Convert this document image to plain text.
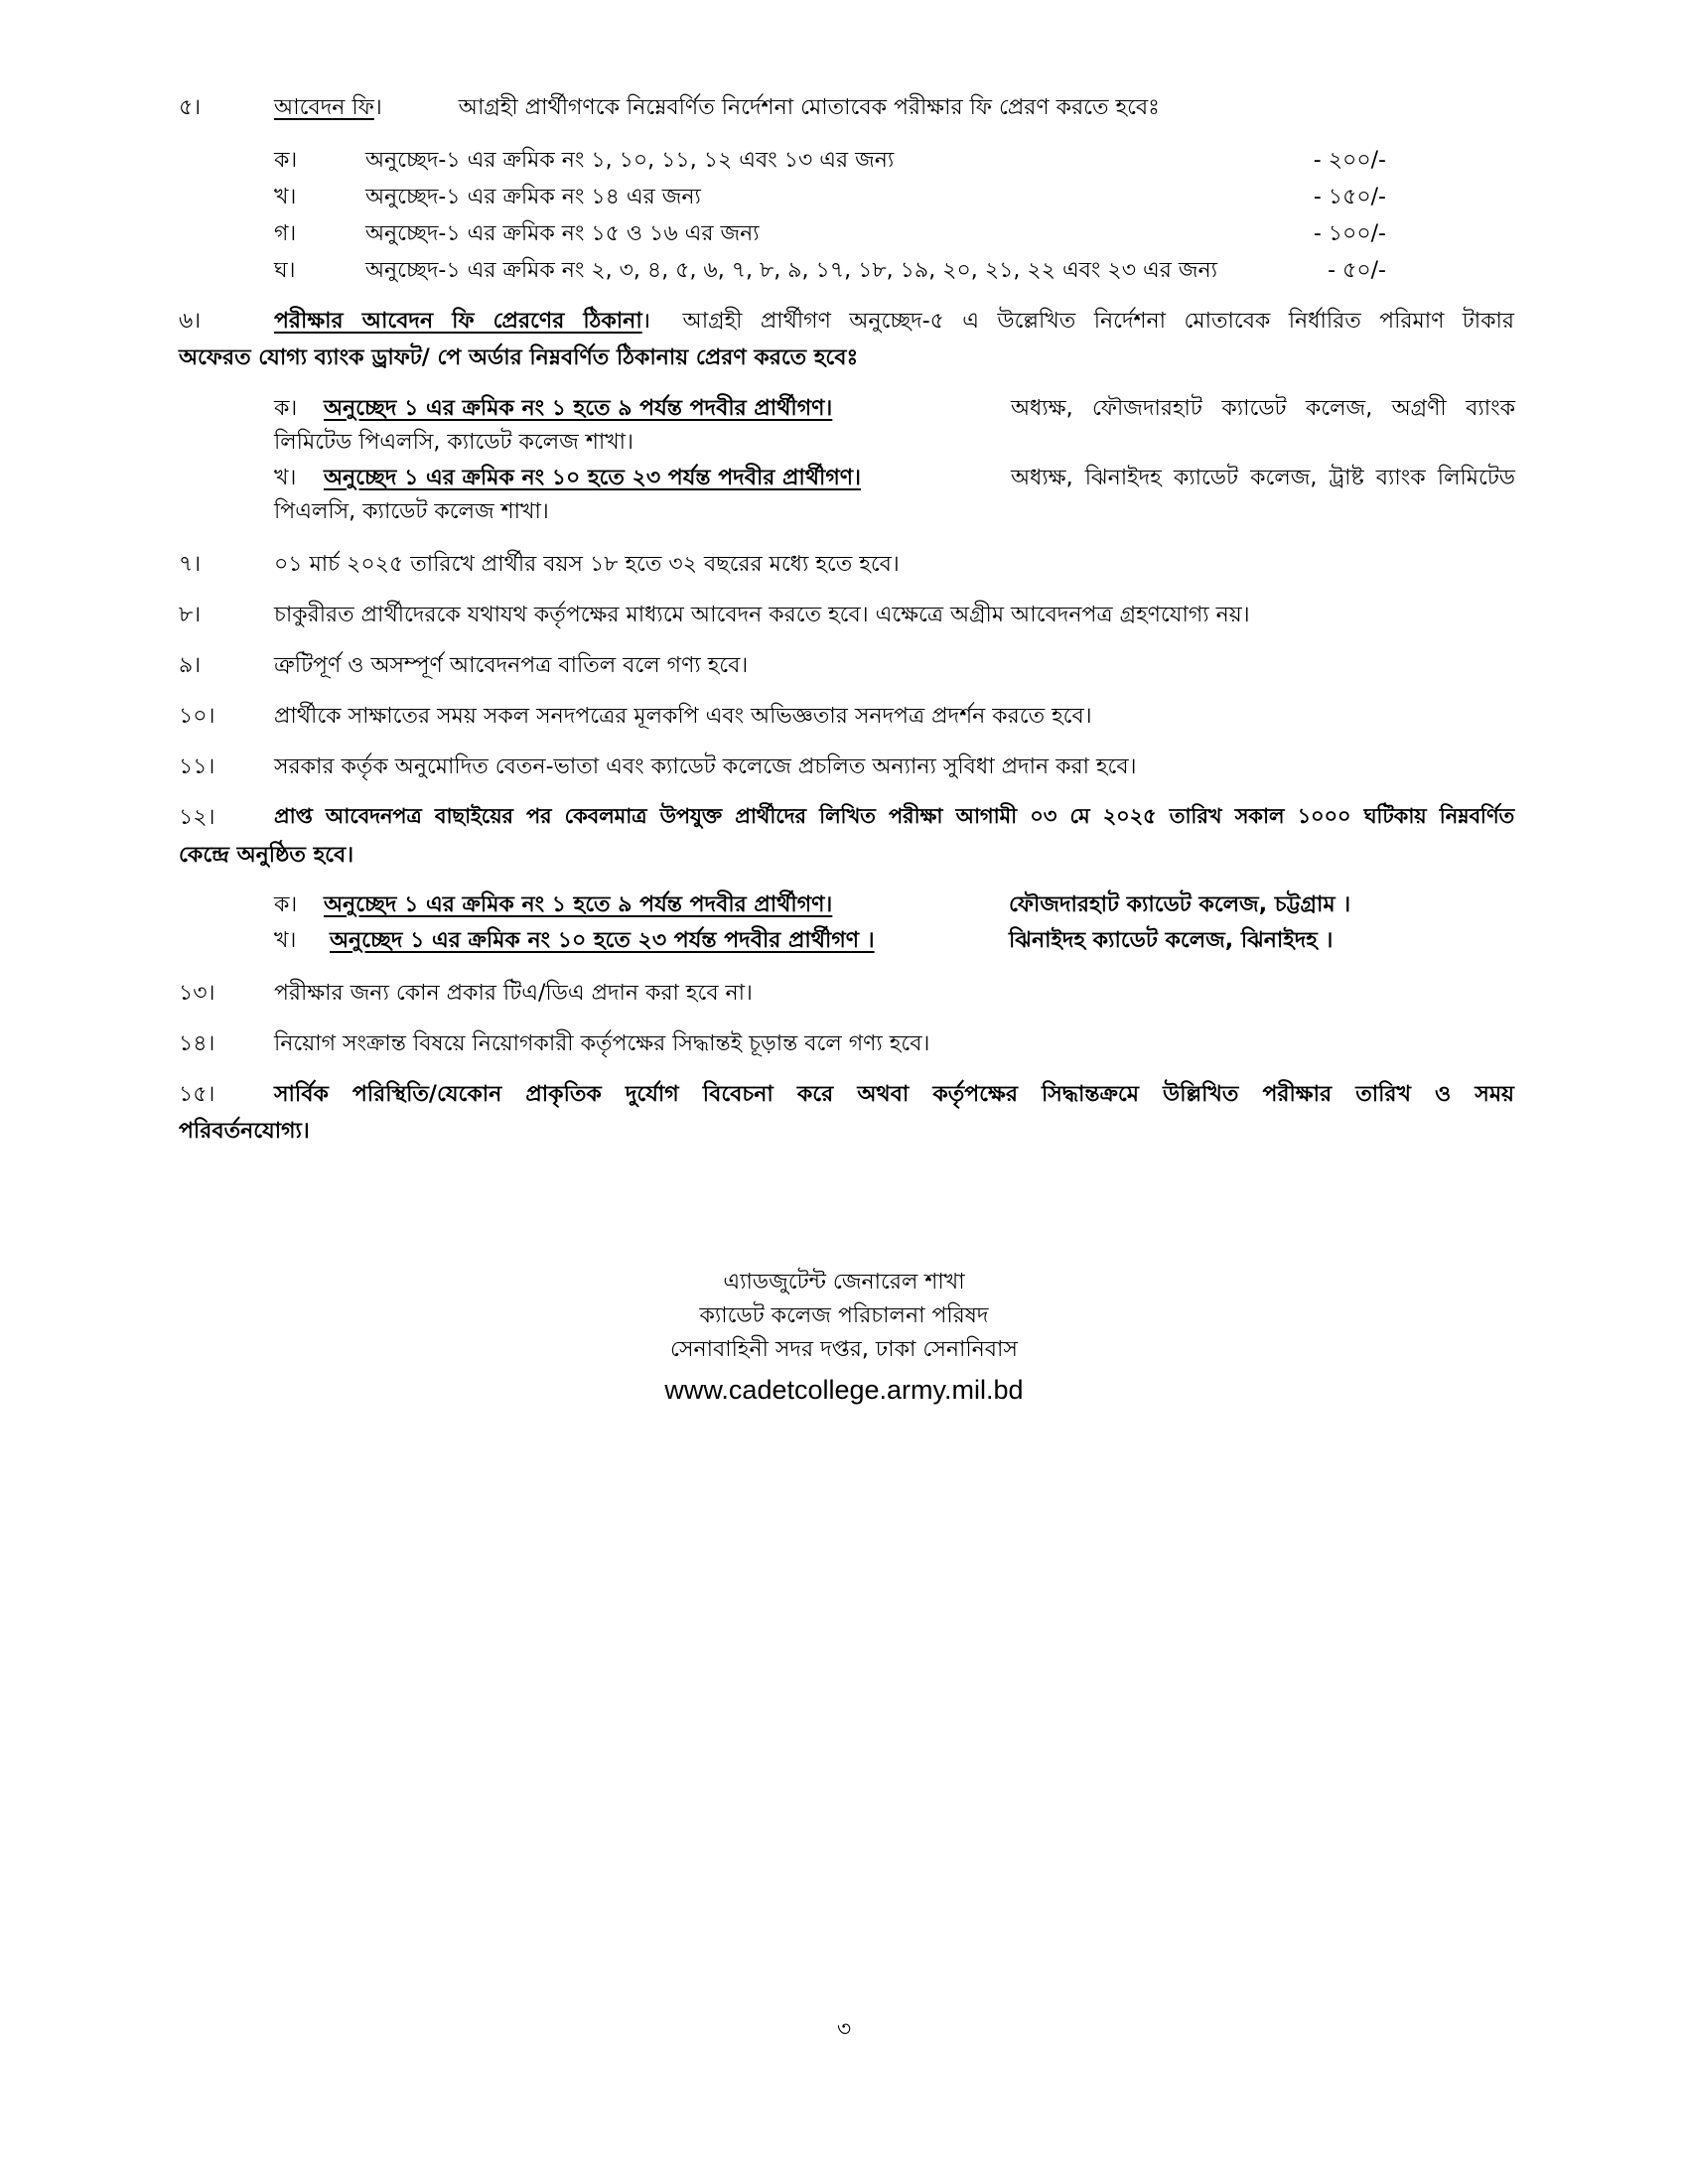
৫।	আবেদন ফি।	আগ্রহী প্রার্থীগণকে নিম্নেবর্ণিত নির্দেশনা মোতাবেক পরীক্ষার ফি প্রেরণ করতে হবেঃ
ক।	অনুচ্ছেদ-১ এর ক্রমিক নং ১, ১০, ১১, ১২ এবং ১৩ এর জন্য	- ২০০/-
খ।	অনুচ্ছেদ-১ এর ক্রমিক নং ১৪ এর জন্য	- ১৫০/-
গ।	অনুচ্ছেদ-১ এর ক্রমিক নং ১৫ ও ১৬ এর জন্য	- ১০০/-
ঘ।	অনুচ্ছেদ-১ এর ক্রমিক নং ২, ৩, ৪, ৫, ৬, ৭, ৮, ৯, ১৭, ১৮, ১৯, ২০, ২১, ২২ এবং ২৩ এর জন্য	- ৫০/-
৬।	পরীক্ষার আবেদন ফি প্রেরণের ঠিকানা। আগ্রহী প্রার্থীগণ অনুচ্ছেদ-৫ এ উল্লেখিত নির্দেশনা মোতাবেক নির্ধারিত পরিমাণ টাকার
অফেরত যোগ্য ব্যাংক ড্রাফট/ পে অর্ডার নিম্নবর্ণিত ঠিকানায় প্রেরণ করতে হবেঃ
ক। অনুচ্ছেদ ১ এর ক্রমিক নং ১ হতে ৯ পর্যন্ত পদবীর প্রার্থীগণ।	অধ্যক্ষ, ফৌজদারহাট ক্যাডেট কলেজ, অগ্রণী ব্যাংক
লিমিটেড পিএলসি, ক্যাডেট কলেজ শাখা।
খ। অনুচ্ছেদ ১ এর ক্রমিক নং ১০ হতে ২৩ পর্যন্ত পদবীর প্রার্থীগণ।	অধ্যক্ষ, ঝিনাইদহ ক্যাডেট কলেজ, ট্রাষ্ট ব্যাংক লিমিটেড
পিএলসি, ক্যাডেট কলেজ শাখা।
৭।	০১ মার্চ ২০২৫ তারিখে প্রার্থীর বয়স ১৮ হতে ৩২ বছরের মধ্যে হতে হবে।
৮।	চাকুরীরত প্রার্থীদেরকে যথাযথ কর্তৃপক্ষের মাধ্যমে আবেদন করতে হবে। এক্ষেত্রে অগ্রীম আবেদনপত্র গ্রহণযোগ্য নয়।
৯।	ত্রুটিপূর্ণ ও অসম্পূর্ণ আবেদনপত্র বাতিল বলে গণ্য হবে।
১০।	প্রার্থীকে সাক্ষাতের সময় সকল সনদপত্রের মূলকপি এবং অভিজ্ঞতার সনদপত্র প্রদর্শন করতে হবে।
১১।	সরকার কর্তৃক অনুমোদিত বেতন-ভাতা এবং ক্যাডেট কলেজে প্রচলিত অন্যান্য সুবিধা প্রদান করা হবে।
১২।	প্রাপ্ত আবেদনপত্র বাছাইয়ের পর কেবলমাত্র উপযুক্ত প্রার্থীদের লিখিত পরীক্ষা আগামী ০৩ মে ২০২৫ তারিখ সকাল ১০০০ ঘটিকায় নিম্নবর্ণিত
কেন্দ্রে অনুষ্ঠিত হবে।
ক। অনুচ্ছেদ ১ এর ক্রমিক নং ১ হতে ৯ পর্যন্ত পদবীর প্রার্থীগণ।	ফৌজদারহাট ক্যাডেট কলেজ, চট্টগ্রাম ।
খ। অনুচ্ছেদ ১ এর ক্রমিক নং ১০ হতে ২৩ পর্যন্ত পদবীর প্রার্থীগণ ।	ঝিনাইদহ ক্যাডেট কলেজ, ঝিনাইদহ ।
১৩।	পরীক্ষার জন্য কোন প্রকার টিএ/ডিএ প্রদান করা হবে না।
১৪।	নিয়োগ সংক্রান্ত বিষয়ে নিয়োগকারী কর্তৃপক্ষের সিদ্ধান্তই চূড়ান্ত বলে গণ্য হবে।
১৫।	সার্বিক পরিস্থিতি/যেকোন প্রাকৃতিক দুর্যোগ বিবেচনা করে অথবা কর্তৃপক্ষের সিদ্ধান্তক্রমে উল্লিখিত পরীক্ষার তারিখ ও সময়
পরিবর্তনযোগ্য।
এ্যাডজুটেন্ট জেনারেল শাখা
ক্যাডেট কলেজ পরিচালনা পরিষদ
সেনাবাহিনী সদর দপ্তর, ঢাকা সেনানিবাস
www.cadetcollege.army.mil.bd
৩
